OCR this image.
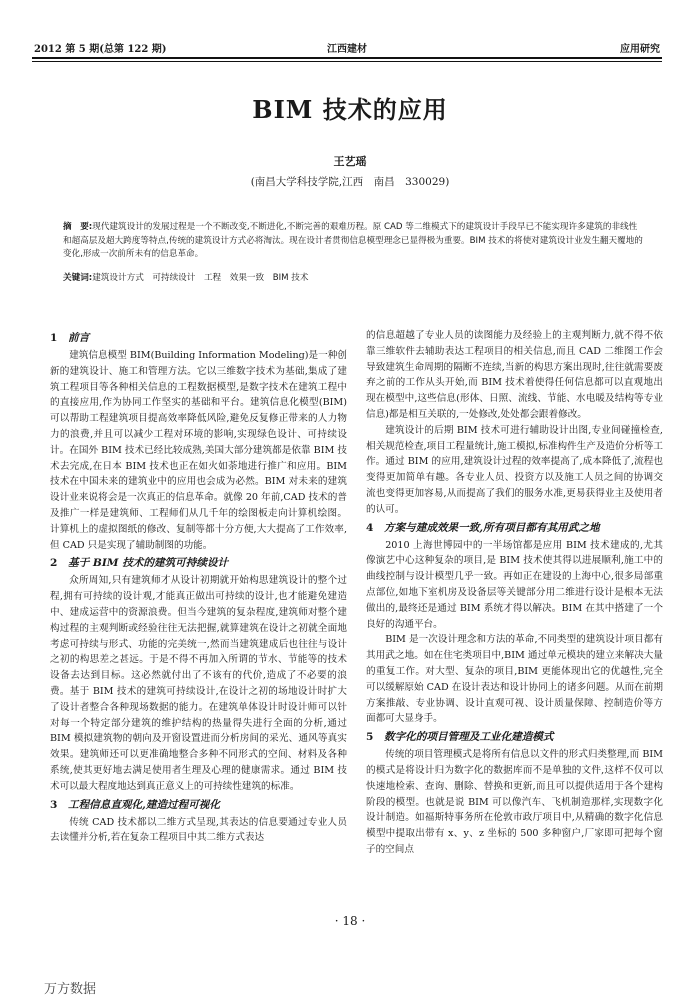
2012 第 5 期(总第 122 期)	江西建材	应用研究
BIM 技术的应用
王艺瑶
(南昌大学科技学院,江西　南昌　330029)
摘　要:现代建筑设计的发展过程是一个不断改变,不断进化,不断完善的艰难历程。原 CAD 等二维模式下的建筑设计手段早已不能实现许多建筑的非线性和超高层及超大跨度等特点,传统的建筑设计方式必将淘汰。现在设计者贯彻信息模型理念已显得极为重要。BIM 技术的将使对建筑设计业发生翻天覆地的变化,形成一次前所未有的信息革命。
关键词:建筑设计方式　可持续设计　工程　效果一致　BIM 技术
1 前言

建筑信息模型 BIM(Building Information Modeling)是一种创新的建筑设计、施工和管理方法。它以三维数字技术为基础,集成了建筑工程项目等各种相关信息的工程数据模型,是数字技术在建筑工程中的直接应用,作为协同工作坚实的基础和平台。建筑信息化模型(BIM)可以帮助工程建筑项目提高效率降低风险,避免反复修正带来的人力物力的浪费,并且可以减少工程对环境的影响,实现绿色设计、可持续设计。在国外 BIM 技术已经比较成熟,美国大部分建筑都是依靠 BIM 技术去完成,在日本 BIM 技术也正在如火如荼地进行推广和应用。BIM 技术在中国未来的建筑业中的应用也会成为必然。BIM 对未来的建筑设计业来说将会是一次真正的信息革命。就像 20 年前,CAD 技术的普及推广一样是建筑师、工程师们从几千年的绘图板走向计算机绘图。计算机上的虚拟图纸的修改、复制等都十分方便,大大提高了工作效率,但 CAD 只是实现了辅助制图的功能。

2 基于 BIM 技术的建筑可持续设计

众所周知,只有建筑师才从设计初期就开始构思建筑设计的整个过程,拥有可持续的设计观,才能真正做出可持续的设计,也才能避免建造中、建成运营中的资源浪费。但当今建筑的复杂程度,建筑师对整个建构过程的主观判断或经验往往无法把握,就算建筑在设计之初就全面地考虑可持续与形式、功能的完美统一,然而当建筑建成后也往往与设计之初的构思差之甚远。于是不得不再加入所谓的节水、节能等的技术设备去达到目标。这必然就付出了不该有的代价,造成了不必要的浪费。基于 BIM 技术的建筑可持续设计,在设计之初的场地设计时扩大了设计者整合各种现场数据的能力。在建筑单体设计时设计师可以针对每一个特定部分建筑的维护结构的热量得失进行全面的分析,通过 BIM 模拟建筑物的朝向及开窗设置进而分析房间的采光、通风等真实效果。建筑师还可以更准确地整合多种不同形式的空间、材料及各种系统,使其更好地去满足使用者生理及心理的健康需求。通过 BIM 技术可以最大程度地达到真正意义上的可持续性建筑的标准。

3 工程信息直观化,建造过程可视化

传统 CAD 技术都以二维方式呈现,其表达的信息要通过专业人员去读懂并分析,若在复杂工程项目中其二维方式表达

的信息超越了专业人员的读图能力及经验上的主观判断力,就不得不依靠三维软件去辅助表达工程项目的相关信息,而且 CAD 二维图工作会导致建筑生命周期的隔断不连续,当新的构思方案出现时,往往就需要废弃之前的工作从头开始,而 BIM 技术着使得任何信息都可以直观地出现在模型中,这些信息(形体、日照、流线、节能、水电暖及结构等专业信息)都是相互关联的,一处修改,处处都会跟着修改。

建筑设计的后期 BIM 技术可进行辅助设计出图,专业间碰撞检查,相关规范检查,项目工程量统计,施工模拟,标准构件生产及造价分析等工作。通过 BIM 的应用,建筑设计过程的效率提高了,成本降低了,流程也变得更加简单有趣。各专业人员、投资方以及施工人员之间的协调交流也变得更加容易,从而提高了我们的服务水准,更易获得业主及使用者的认可。

4 方案与建成效果一致,所有项目都有其用武之地

2010 上海世博园中的一半场馆都是应用 BIM 技术建成的,尤其像演艺中心这种复杂的项目,是 BIM 技术使其得以进展顺利,施工中的曲线控制与设计模型几乎一致。再如正在建设的上海中心,很多局部重点部位,如地下室机房及设备层等关键部分用二维进行设计是根本无法做出的,最终还是通过 BIM 系统才得以解决。BIM 在其中搭建了一个良好的沟通平台。

BIM 是一次设计理念和方法的革命,不同类型的建筑设计项目都有其用武之地。如在住宅类项目中,BIM 通过单元模块的建立来解决大量的重复工作。对大型、复杂的项目,BIM 更能体现出它的优越性,完全可以缓解原始 CAD 在设计表达和设计协同上的诸多问题。从而在前期方案推敲、专业协调、设计直观可视、设计质量保障、控制造价等方面都可大显身手。

5 数字化的项目管理及工业化建造模式

传统的项目管理模式是将所有信息以文件的形式归类整理,而 BIM 的模式是将设计归为数字化的数据库而不是单独的文件,这样不仅可以快速地检索、查询、删除、替换和更新,而且可以提供适用于各个建构阶段的模型。也就是说 BIM 可以像汽车、飞机制造那样,实现数字化设计制造。如福斯特事务所在伦敦市政厅项目中,从精确的数字化信息模型中提取出带有 x、y、z 坐标的 500 多种窗户,厂家即可把每个窗子的空间点

· 18 ·
万方数据
